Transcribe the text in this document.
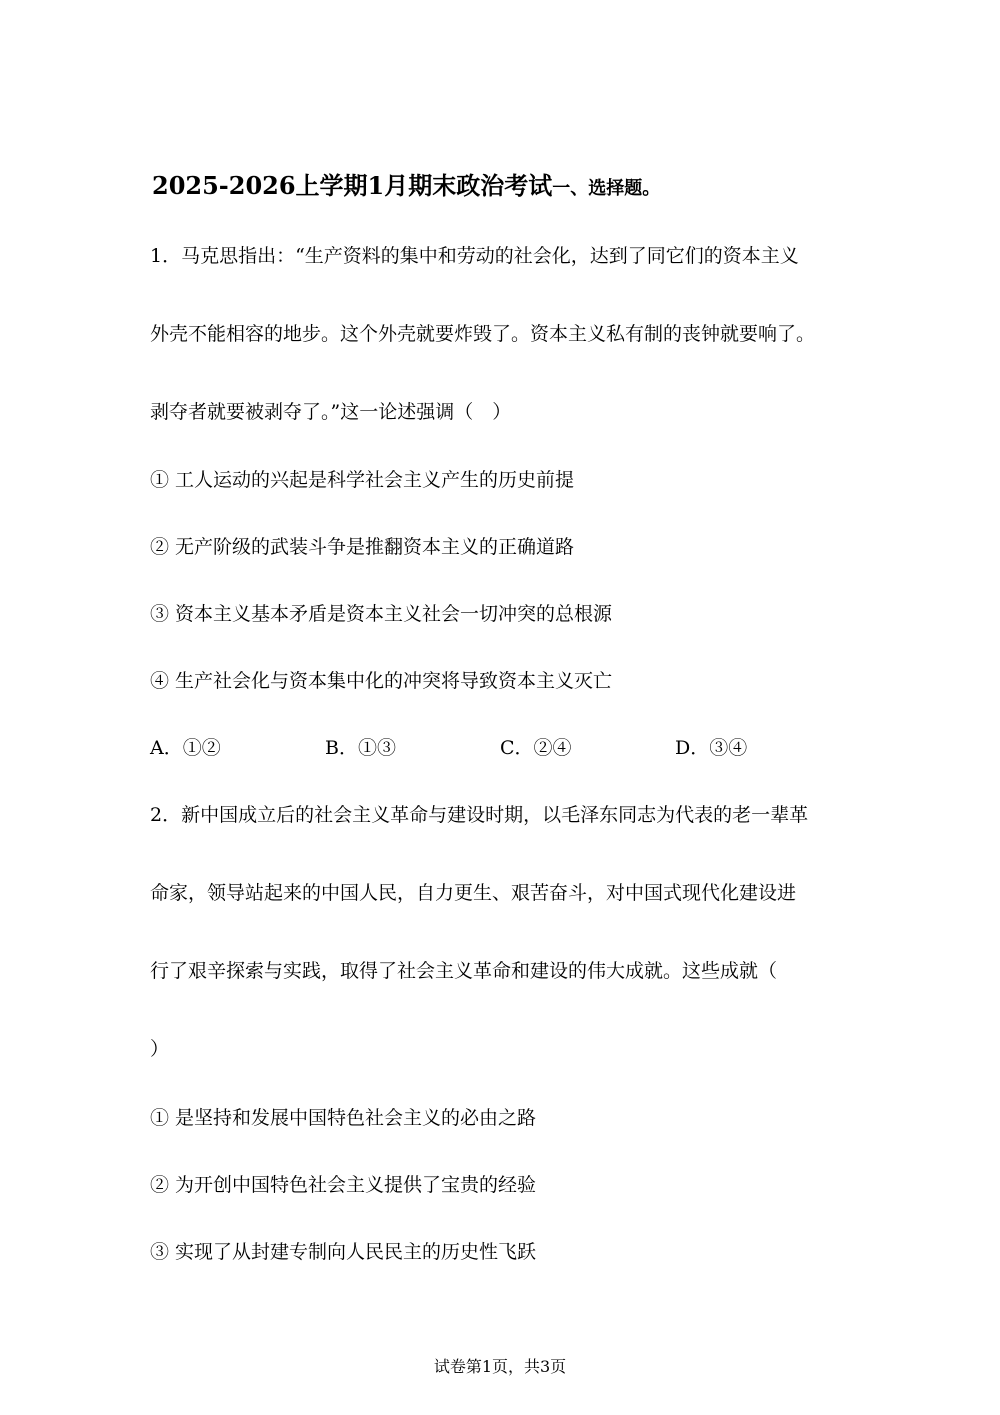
2025-2026上学期1月期末政治考试一、选择题。
1．马克思指出：“生产资料的集中和劳动的社会化，达到了同它们的资本主义
外壳不能相容的地步。这个外壳就要炸毁了。资本主义私有制的丧钟就要响了。
剥夺者就要被剥夺了。”这一论述强调（　）
① 工人运动的兴起是科学社会主义产生的历史前提
② 无产阶级的武装斗争是推翻资本主义的正确道路
③ 资本主义基本矛盾是资本主义社会一切冲突的总根源
④ 生产社会化与资本集中化的冲突将导致资本主义灭亡
A．①②	B．①③	C．②④	D．③④
2．新中国成立后的社会主义革命与建设时期，以毛泽东同志为代表的老一辈革
命家，领导站起来的中国人民，自力更生、艰苦奋斗，对中国式现代化建设进
行了艰辛探索与实践，取得了社会主义革命和建设的伟大成就。这些成就（
）
① 是坚持和发展中国特色社会主义的必由之路
② 为开创中国特色社会主义提供了宝贵的经验
③ 实现了从封建专制向人民民主的历史性飞跃
试卷第1页，共3页
